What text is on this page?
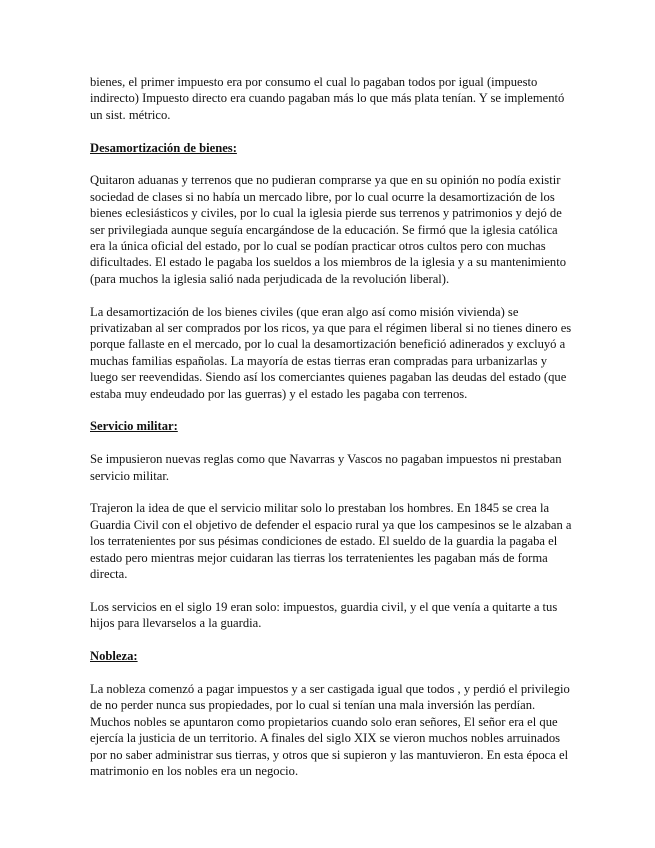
bienes, el primer impuesto era por consumo el cual lo pagaban todos por igual (impuesto indirecto) Impuesto directo era cuando pagaban más lo que más plata tenían. Y se implementó un sist. métrico.

Desamortización de bienes:

Quitaron aduanas y terrenos que no pudieran comprarse ya que en su opinión no podía existir sociedad de clases si no había un mercado libre, por lo cual ocurre la desamortización de los bienes eclesiásticos y civiles, por lo cual la iglesia pierde sus terrenos y patrimonios y dejó de ser privilegiada aunque seguía encargándose de la educación. Se firmó que la iglesia católica era la única oficial del estado, por lo cual se podían practicar otros cultos pero con muchas dificultades. El estado le pagaba los sueldos a los miembros de la iglesia y a su mantenimiento (para muchos la iglesia salió nada perjudicada de la revolución liberal).

La desamortización de los bienes civiles (que eran algo así como misión vivienda) se privatizaban al ser comprados por los ricos, ya que para el régimen liberal si no tienes dinero es porque fallaste en el mercado, por lo cual la desamortización benefició adinerados y excluyó a muchas familias españolas. La mayoría de estas tierras eran compradas para urbanizarlas y luego ser reevendidas. Siendo así los comerciantes quienes pagaban las deudas del estado (que estaba muy endeudado por las guerras) y el estado les pagaba con terrenos.

Servicio militar:

Se impusieron nuevas reglas como que Navarras y Vascos no pagaban impuestos ni prestaban servicio militar.

Trajeron la idea de que el servicio militar solo lo prestaban los hombres. En 1845 se crea la Guardia Civil con el objetivo de defender el espacio rural ya que los campesinos se le alzaban a los terratenientes por sus pésimas condiciones de estado. El sueldo de la guardia la pagaba el estado pero mientras mejor cuidaran las tierras los terratenientes les pagaban más de forma directa.

Los servicios en el siglo 19 eran solo: impuestos, guardia civil, y el que venía a quitarte a tus hijos para llevarselos a la guardia.

Nobleza:

La nobleza comenzó a pagar impuestos y a ser castigada igual que todos , y perdió el privilegio de no perder nunca sus propiedades, por lo cual si tenían una mala inversión las perdían. Muchos nobles se apuntaron como propietarios cuando solo eran señores, El señor era el que ejercía la justicia de un territorio. A finales del siglo XIX se vieron muchos nobles arruinados por no saber administrar sus tierras, y otros que si supieron y las mantuvieron. En esta época el matrimonio en los nobles era un negocio.
